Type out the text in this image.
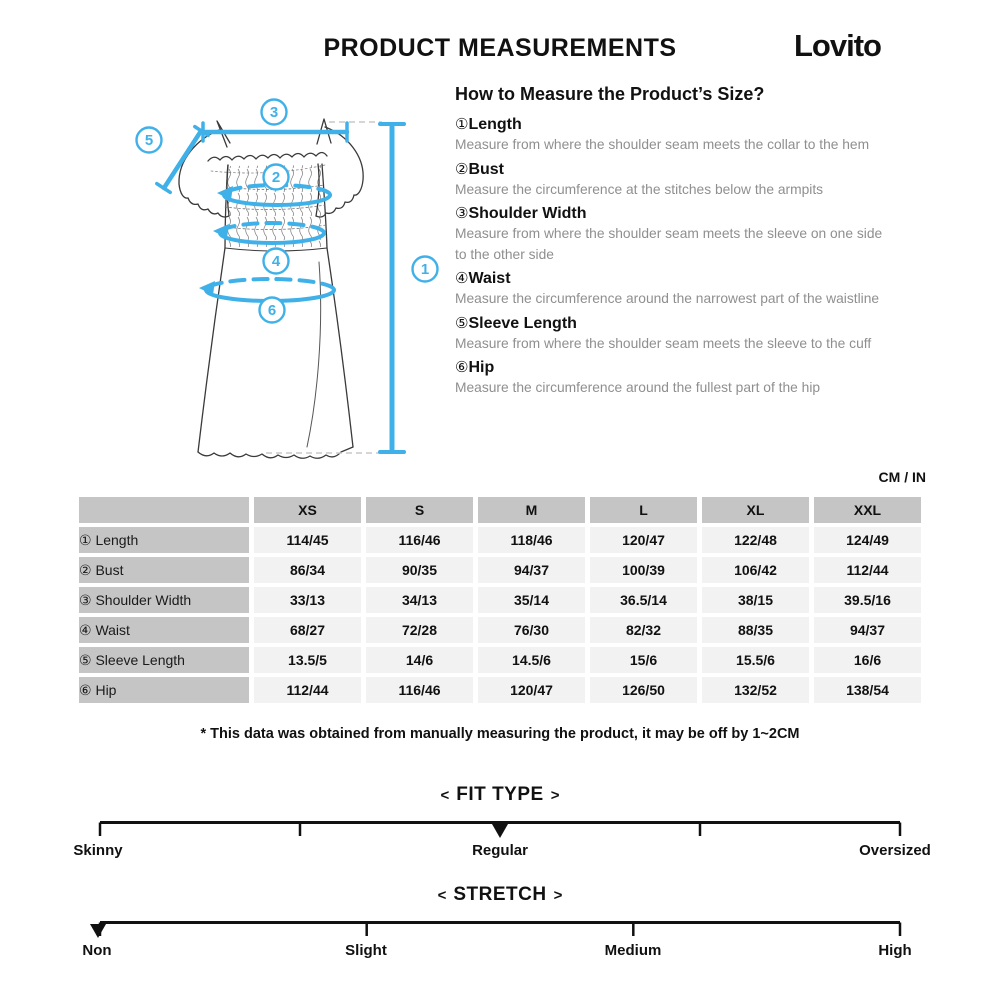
PRODUCT MEASUREMENTS	Lovito
3
5
2
4
6
1
How to Measure the Product’s Size?
①Length
Measure from where the shoulder seam meets the collar to the hem
②Bust
Measure the circumference at the stitches below the armpits
③Shoulder Width
Measure from where the shoulder seam meets the sleeve on one side to the other side
④Waist
Measure the circumference around the narrowest part of the waistline
⑤Sleeve Length
Measure from where the shoulder seam meets the sleeve to the cuff
⑥Hip
Measure the circumference around the fullest part of the hip
CM / IN
	XS	S	M	L	XL	XXL
① Length	114/45	116/46	118/46	120/47	122/48	124/49
② Bust	86/34	90/35	94/37	100/39	106/42	112/44
③ Shoulder Width	33/13	34/13	35/14	36.5/14	38/15	39.5/16
④ Waist	68/27	72/28	76/30	82/32	88/35	94/37
⑤ Sleeve Length	13.5/5	14/6	14.5/6	15/6	15.5/6	16/6
⑥ Hip	112/44	116/46	120/47	126/50	132/52	138/54
* This data was obtained from manually measuring the product, it may be off by 1~2CM
< FIT TYPE >
Skinny	Regular	Oversized
< STRETCH >
Non	Slight	Medium	High
